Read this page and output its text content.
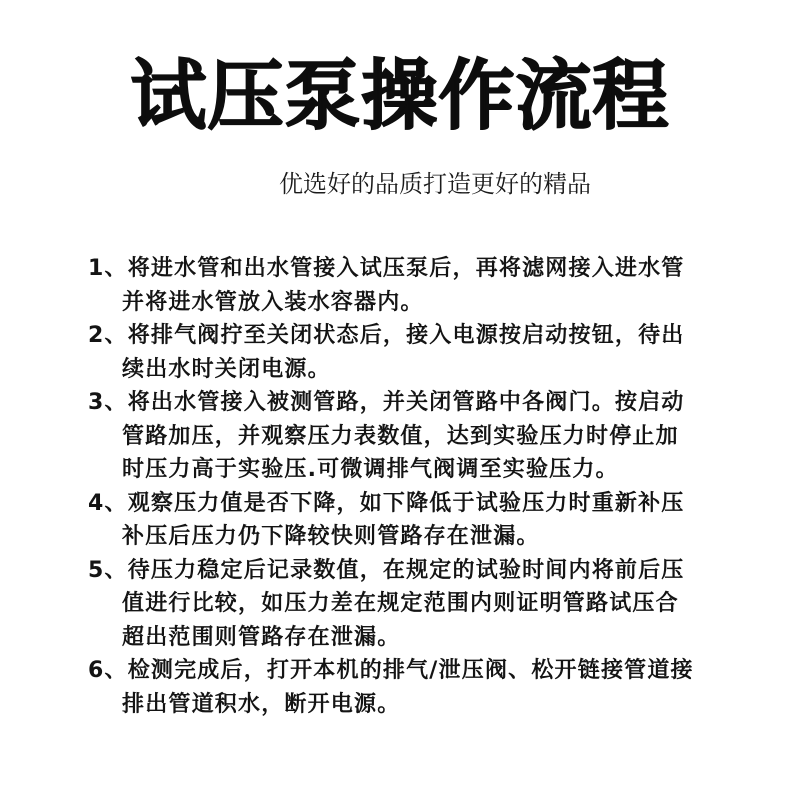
试压泵操作流程
优选好的品质打造更好的精品
1、将进水管和出水管接入试压泵后，再将滤网接入进水管
并将进水管放入装水容器内。
2、将排气阀拧至关闭状态后，接入电源按启动按钮，待出
续出水时关闭电源。
3、将出水管接入被测管路，并关闭管路中各阀门。按启动
管路加压，并观察压力表数值，达到实验压力时停止加
时压力高于实验压.可微调排气阀调至实验压力。
4、观察压力值是否下降，如下降低于试验压力时重新补压
补压后压力仍下降较快则管路存在泄漏。
5、待压力稳定后记录数值，在规定的试验时间内将前后压
值进行比较，如压力差在规定范围内则证明管路试压合
超出范围则管路存在泄漏。
6、检测完成后，打开本机的排气/泄压阀、松开链接管道接
排出管道积水，断开电源。
